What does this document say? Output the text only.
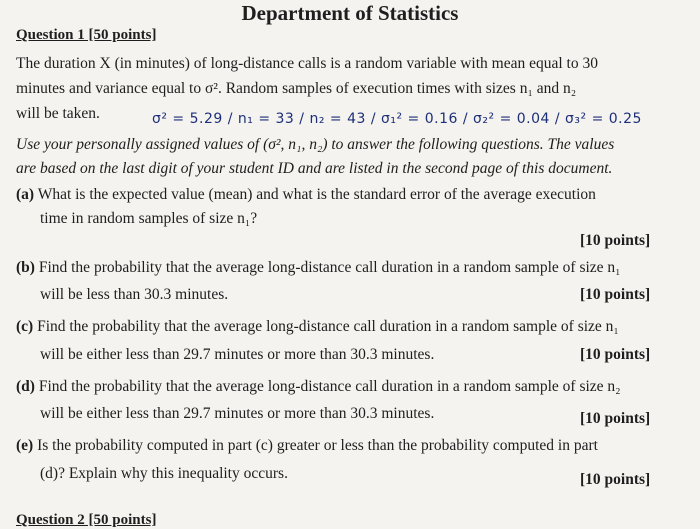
Department of Statistics
Question 1 [50 points]
The duration X (in minutes) of long-distance calls is a random variable with mean equal to 30
minutes and variance equal to σ². Random samples of execution times with sizes n₁ and n₂
will be taken.	σ² = 5.29 / n₁ = 33 / n₂ = 43 / σ₁² = 0.16 / σ₂² = 0.04 / σ₃² = 0.25
Use your personally assigned values of (σ², n₁, n₂) to answer the following questions. The values
are based on the last digit of your student ID and are listed in the second page of this document.
(a) What is the expected value (mean) and what is the standard error of the average execution
time in random samples of size n₁?
[10 points]
(b) Find the probability that the average long-distance call duration in a random sample of size n₁
will be less than 30.3 minutes.	[10 points]
(c) Find the probability that the average long-distance call duration in a random sample of size n₁
will be either less than 29.7 minutes or more than 30.3 minutes.	[10 points]
(d) Find the probability that the average long-distance call duration in a random sample of size n₂
will be either less than 29.7 minutes or more than 30.3 minutes.	[10 points]
(e) Is the probability computed in part (c) greater or less than the probability computed in part
(d)? Explain why this inequality occurs.	[10 points]
Question 2 [50 points]
